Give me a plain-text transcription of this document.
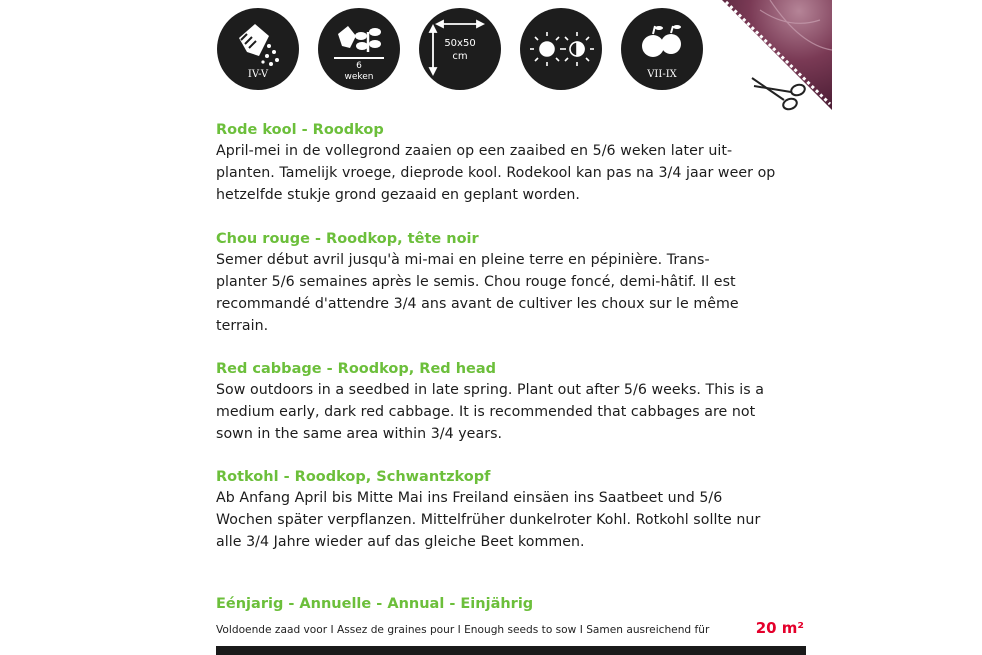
IV-V
6
weken
50x50
cm
VII-IX
Rode kool - Roodkop

April-mei in de vollegrond zaaien op een zaaibed en 5/6 weken later uit-
planten. Tamelijk vroege, dieprode kool. Rodekool kan pas na 3/4 jaar weer op
hetzelfde stukje grond gezaaid en geplant worden.

Chou rouge - Roodkop, tête noir

Semer début avril jusqu'à mi-mai en pleine terre en pépinière. Trans-
planter 5/6 semaines après le semis. Chou rouge foncé, demi-hâtif. Il est
recommandé d'attendre 3/4 ans avant de cultiver les choux sur le même
terrain.

Red cabbage - Roodkop, Red head

Sow outdoors in a seedbed in late spring. Plant out after 5/6 weeks. This is a
medium early, dark red cabbage. It is recommended that cabbages are not
sown in the same area within 3/4 years.

Rotkohl - Roodkop, Schwantzkopf

Ab Anfang April bis Mitte Mai ins Freiland einsäen ins Saatbeet und 5/6
Wochen später verpflanzen. Mittelfrüher dunkelroter Kohl. Rotkohl sollte nur
alle 3/4 Jahre wieder auf das gleiche Beet kommen.

Eénjarig - Annuelle - Annual - Einjährig
Voldoende zaad voor I Assez de graines pour I Enough seeds to sow I Samen ausreichend für	20 m²
